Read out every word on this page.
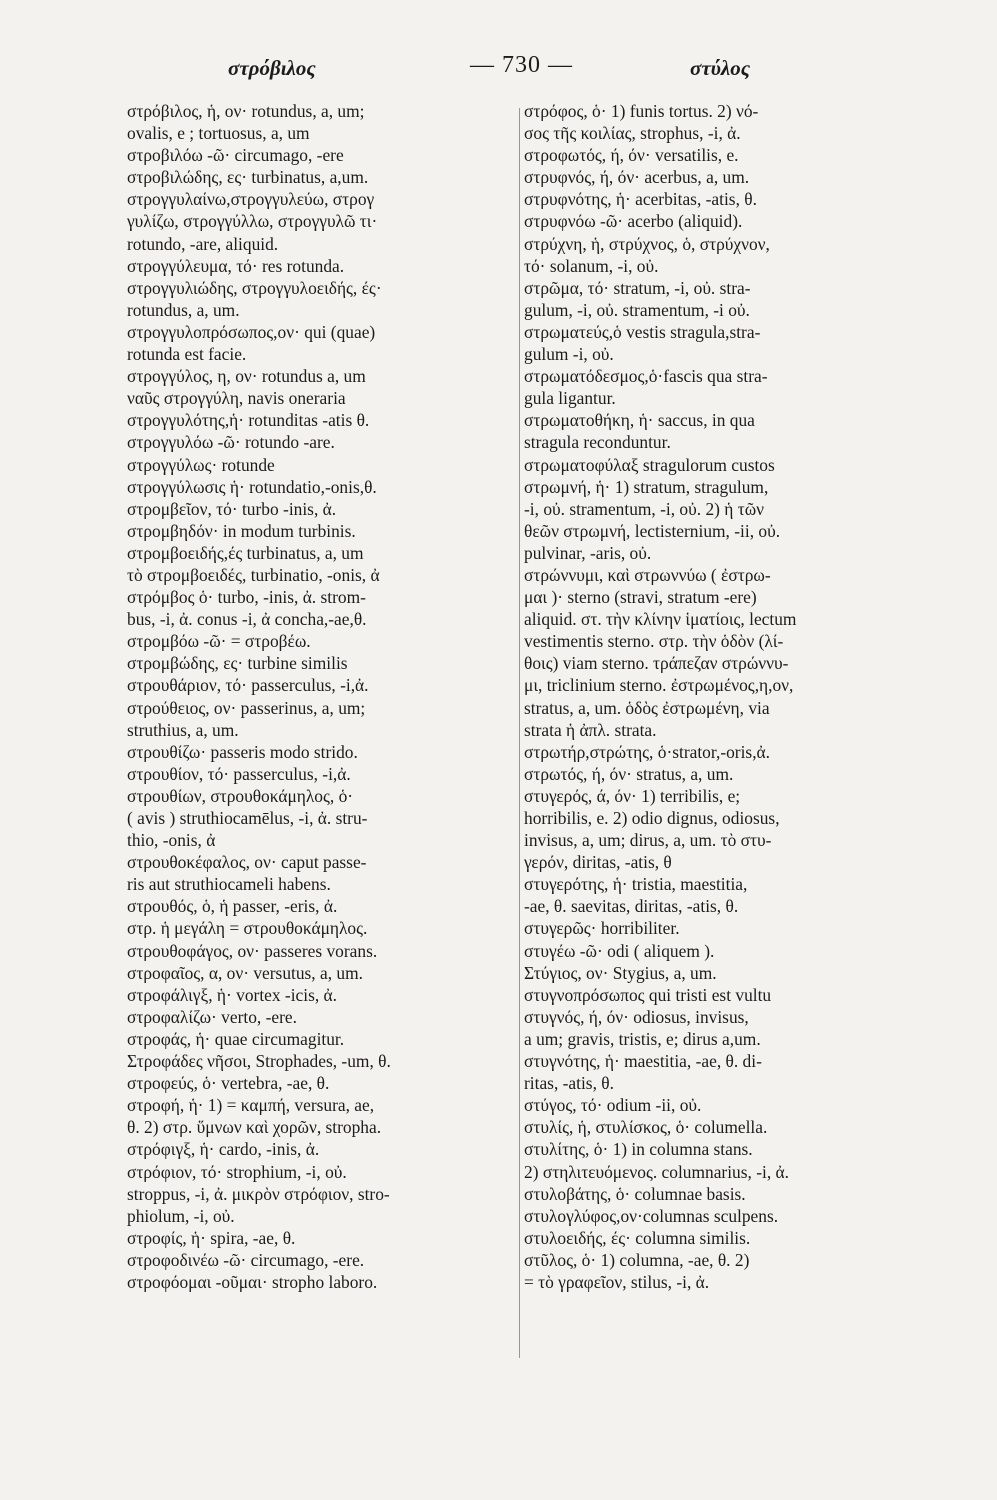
στρόβιλος	— 730 —	στύλος
στρόβιλος, ἡ, ον· rotundus, a, um;
ovalis, e ; tortuosus, a, um
στροβιλόω -ῶ· circumago, -ere
στροβιλώδης, ες· turbinatus, a,um.
στρογγυλαίνω,στρογγυλεύω, στρογ
γυλίζω, στρογγύλλω, στρογγυλῶ τι·
rotundo, -are, aliquid.
στρογγύλευμα, τό· res rotunda.
στρογγυλιώδης, στρογγυλοειδής, ές·
rotundus, a, um.
στρογγυλοπρόσωπος,ον· qui (quae)
rotunda est facie.
στρογγύλος, η, ον· rotundus a, um
ναῦς στρογγύλη, navis oneraria
στρογγυλότης,ἡ· rotunditas -atis θ.
στρογγυλόω -ῶ· rotundo -are.
στρογγύλως· rotunde
στρογγύλωσις ἡ· rotundatio,-onis,θ.
στρομβεῖον, τό· turbo -inis, ἀ.
στρομβηδόν· in modum turbinis.
στρομβοειδής,ές turbinatus, a, um
τὸ στρομβοειδές, turbinatio, -onis, ἀ
στρόμβος ὁ· turbo, -inis, ἀ. strom-
bus, -i, ἀ. conus -i, ἀ concha,-ae,θ.
στρομβόω -ῶ· = στροβέω.
στρομβώδης, ες· turbine similis
στρουθάριον, τό· passerculus, -i,ἀ.
στρούθειος, ον· passerinus, a, um;
struthius, a, um.
στρουθίζω· passeris modo strido.
στρουθίον, τό· passerculus, -i,ἀ.
στρουθίων, στρουθοκάμηλος, ὁ·
( avis ) struthiocamēlus, -i, ἀ. stru-
thio, -onis, ἀ
στρουθοκέφαλος, ον· caput passe-
ris aut struthiocameli habens.
στρουθός, ὁ, ἡ passer, -eris, ἀ.
στρ. ἡ μεγάλη = στρουθοκάμηλος.
στρουθοφάγος, ον· passeres vorans.
στροφαῖος, α, ον· versutus, a, um.
στροφάλιγξ, ἡ· vortex -icis, ἀ.
στροφαλίζω· verto, -ere.
στροφάς, ἡ· quae circumagitur.
Στροφάδες νῆσοι, Strophades, -um, θ.
στροφεύς, ὁ· vertebra, -ae, θ.
στροφή, ἡ· 1) = καμπή, versura, ae,
θ. 2) στρ. ὕμνων καὶ χορῶν, stropha.
στρόφιγξ, ἡ· cardo, -inis, ἀ.
στρόφιον, τό· strophium, -i, οὐ.
stroppus, -i, ἀ. μικρὸν στρόφιον, stro-
phiolum, -i, οὐ.
στροφίς, ἡ· spira, -ae, θ.
στροφοδινέω -ῶ· circumago, -ere.
στροφόομαι -οῦμαι· stropho laboro.
στρόφος, ὁ· 1) funis tortus. 2) νό-
σος τῆς κοιλίας, strophus, -i, ἀ.
στροφωτός, ή, όν· versatilis, e.
στρυφνός, ή, όν· acerbus, a, um.
στρυφνότης, ἡ· acerbitas, -atis, θ.
στρυφνόω -ῶ· acerbo (aliquid).
στρύχνη, ἡ, στρύχνος, ὁ, στρύχνον,
τό· solanum, -i, οὐ.
στρῶμα, τό· stratum, -i, οὐ. stra-
gulum, -i, οὐ. stramentum, -i οὐ.
στρωματεύς,ὁ vestis stragula,stra-
gulum -i, οὐ.
στρωματόδεσμος,ὁ·fascis qua stra-
gula ligantur.
στρωματοθήκη, ἡ· saccus, in qua
stragula reconduntur.
στρωματοφύλαξ stragulorum custos
στρωμνή, ἡ· 1) stratum, stragulum,
-i, οὐ. stramentum, -i, οὐ. 2) ἡ τῶν
θεῶν στρωμνή, lectisternium, -ii, οὐ.
pulvinar, -aris, οὐ.
στρώννυμι, καὶ στρωννύω ( ἐστρω-
μαι )· sterno (stravi, stratum -ere)
aliquid. στ. τὴν κλίνην ἱματίοις, lectum
vestimentis sterno. στρ. τὴν ὁδὸν (λί-
θοις) viam sterno. τράπεζαν στρώννυ-
μι, triclinium sterno. ἐστρωμένος,η,ον,
stratus, a, um. ὁδὸς ἐστρωμένη, via
strata ἡ ἀπλ. strata.
στρωτήρ,στρώτης, ὁ·strator,-oris,ἀ.
στρωτός, ή, όν· stratus, a, um.
στυγερός, ά, όν· 1) terribilis, e;
horribilis, e. 2) odio dignus, odiosus,
invisus, a, um; dirus, a, um. τὸ στυ-
γερόν, diritas, -atis, θ
στυγερότης, ἡ· tristia, maestitia,
-ae, θ. saevitas, diritas, -atis, θ.
στυγερῶς· horribiliter.
στυγέω -ῶ· odi ( aliquem ).
Στύγιος, ον· Stygius, a, um.
στυγνοπρόσωπος qui tristi est vultu
στυγνός, ή, όν· odiosus, invisus,
a um; gravis, tristis, e; dirus a,um.
στυγνότης, ἡ· maestitia, -ae, θ. di-
ritas, -atis, θ.
στύγος, τό· odium -ii, οὐ.
στυλίς, ἡ, στυλίσκος, ὁ· columella.
στυλίτης, ὁ· 1) in columna stans.
2) στηλιτευόμενος. columnarius, -i, ἀ.
στυλοβάτης, ὁ· columnae basis.
στυλογλύφος,ον·columnas sculpens.
στυλοειδής, ές· columna similis.
στῦλος, ὁ· 1) columna, -ae, θ. 2)
= τὸ γραφεῖον, stilus, -i, ἀ.
